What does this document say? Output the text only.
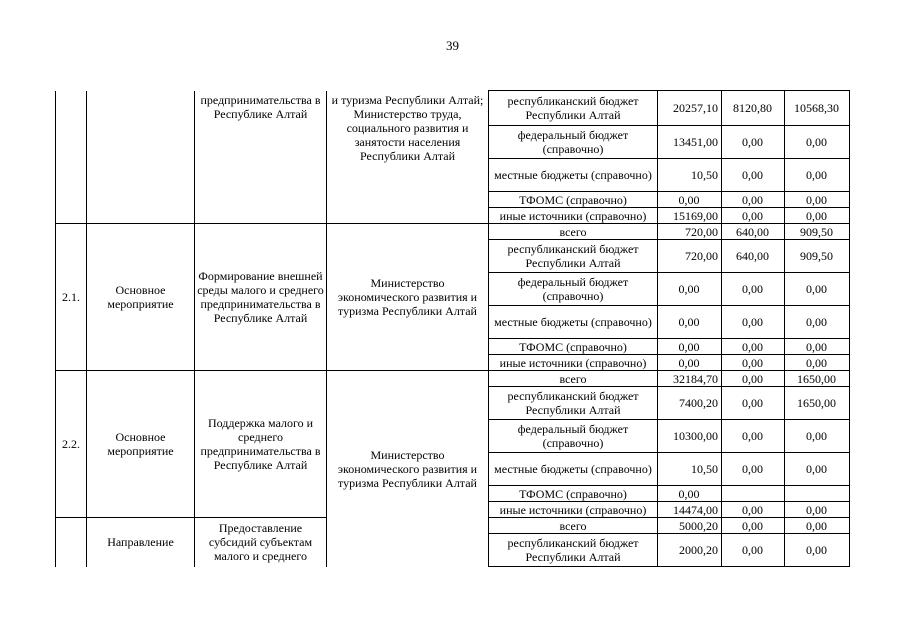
39
		предпринимательства в Республике Алтай	и туризма Республики Алтай; Министерство труда, социального развития и занятости населения Республики Алтай	республиканский бюджет Республики Алтай	20257,10	8120,80	10568,30
				федеральный бюджет (справочно)	13451,00	0,00	0,00
				местные бюджеты (справочно)	10,50	0,00	0,00
				ТФОМС (справочно)	0,00	0,00	0,00
				иные источники (справочно)	15169,00	0,00	0,00
2.1.	Основное мероприятие	Формирование внешней среды малого и среднего предпринимательства в Республике Алтай	Министерство экономического развития и туризма Республики Алтай	всего	720,00	640,00	909,50
				республиканский бюджет Республики Алтай	720,00	640,00	909,50
				федеральный бюджет (справочно)	0,00	0,00	0,00
				местные бюджеты (справочно)	0,00	0,00	0,00
				ТФОМС (справочно)	0,00	0,00	0,00
				иные источники (справочно)	0,00	0,00	0,00
2.2.	Основное мероприятие	Поддержка малого и среднего предпринимательства в Республике Алтай	Министерство экономического развития и туризма Республики Алтай	всего	32184,70	0,00	1650,00
				республиканский бюджет Республики Алтай	7400,20	0,00	1650,00
				федеральный бюджет (справочно)	10300,00	0,00	0,00
				местные бюджеты (справочно)	10,50	0,00	0,00
				ТФОМС (справочно)	0,00		
				иные источники (справочно)	14474,00	0,00	0,00
	Направление	Предоставление субсидий субъектам малого и среднего		всего	5000,20	0,00	0,00
				республиканский бюджет Республики Алтай	2000,20	0,00	0,00
